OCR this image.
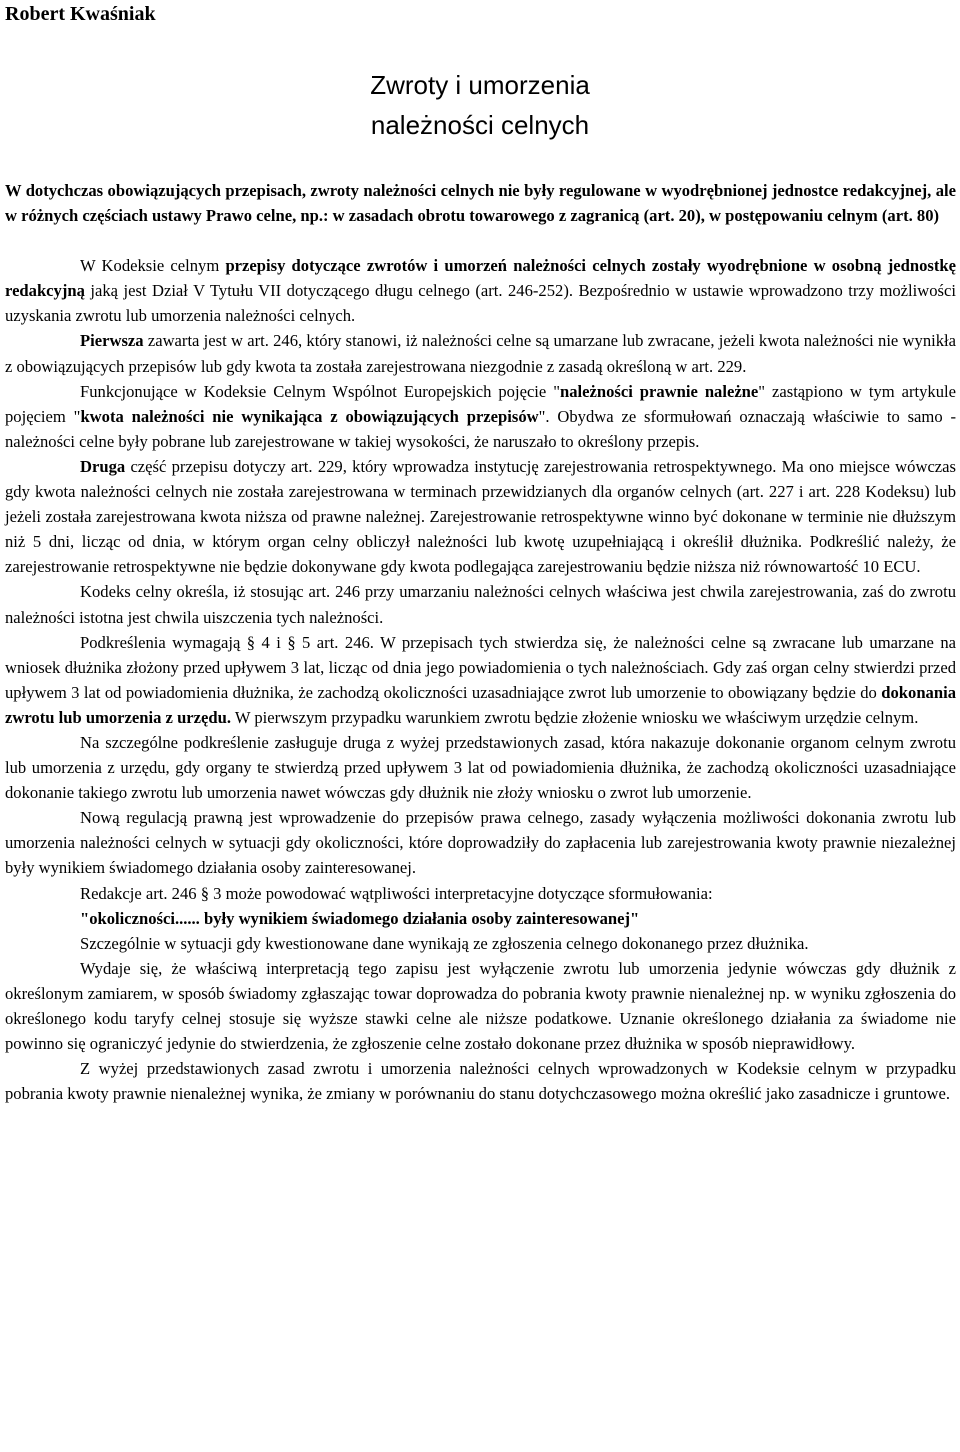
Robert Kwaśniak
Zwroty i umorzenia
należności celnych

W dotychczas obowiązujących przepisach, zwroty należności celnych nie były regulowane w wyodrębnionej jednostce redakcyjnej, ale w różnych częściach ustawy Prawo celne, np.: w zasadach obrotu towarowego z zagranicą (art. 20), w postępowaniu celnym (art. 80)

W Kodeksie celnym przepisy dotyczące zwrotów i umorzeń należności celnych zostały wyodrębnione w osobną jednostkę redakcyjną jaką jest Dział V Tytułu VII dotyczącego długu celnego (art. 246-252). Bezpośrednio w ustawie wprowadzono trzy możliwości uzyskania zwrotu lub umorzenia należności celnych.

Pierwsza zawarta jest w art. 246, który stanowi, iż należności celne są umarzane lub zwracane, jeżeli kwota należności nie wynikła z obowiązujących przepisów lub gdy kwota ta została zarejestrowana niezgodnie z zasadą określoną w art. 229.

Funkcjonujące w Kodeksie Celnym Wspólnot Europejskich pojęcie "należności prawnie należne" zastąpiono w tym artykule pojęciem "kwota należności nie wynikająca z obowiązujących przepisów". Obydwa ze sformułowań oznaczają właściwie to samo - należności celne były pobrane lub zarejestrowane w takiej wysokości, że naruszało to określony przepis.

Druga część przepisu dotyczy art. 229, który wprowadza instytucję zarejestrowania retrospektywnego. Ma ono miejsce wówczas gdy kwota należności celnych nie została zarejestrowana w terminach przewidzianych dla organów celnych (art. 227 i art. 228 Kodeksu) lub jeżeli została zarejestrowana kwota niższa od prawne należnej. Zarejestrowanie retrospektywne winno być dokonane w terminie nie dłuższym niż 5 dni, licząc od dnia, w którym organ celny obliczył należności lub kwotę uzupełniającą i określił dłużnika. Podkreślić należy, że zarejestrowanie retrospektywne nie będzie dokonywane gdy kwota podlegająca zarejestrowaniu będzie niższa niż równowartość 10 ECU.

Kodeks celny określa, iż stosując art. 246 przy umarzaniu należności celnych właściwa jest chwila zarejestrowania, zaś do zwrotu należności istotna jest chwila uiszczenia tych należności.

Podkreślenia wymagają § 4 i § 5 art. 246. W przepisach tych stwierdza się, że należności celne są zwracane lub umarzane na wniosek dłużnika złożony przed upływem 3 lat, licząc od dnia jego powiadomienia o tych należnościach. Gdy zaś organ celny stwierdzi przed upływem 3 lat od powiadomienia dłużnika, że zachodzą okoliczności uzasadniające zwrot lub umorzenie to obowiązany będzie do dokonania zwrotu lub umorzenia z urzędu. W pierwszym przypadku warunkiem zwrotu będzie złożenie wniosku we właściwym urzędzie celnym.

Na szczególne podkreślenie zasługuje druga z wyżej przedstawionych zasad, która nakazuje dokonanie organom celnym zwrotu lub umorzenia z urzędu, gdy organy te stwierdzą przed upływem 3 lat od powiadomienia dłużnika, że zachodzą okoliczności uzasadniające dokonanie takiego zwrotu lub umorzenia nawet wówczas gdy dłużnik nie złoży wniosku o zwrot lub umorzenie.

Nową regulacją prawną jest wprowadzenie do przepisów prawa celnego, zasady wyłączenia możliwości dokonania zwrotu lub umorzenia należności celnych w sytuacji gdy okoliczności, które doprowadziły do zapłacenia lub zarejestrowania kwoty prawnie niezależnej były wynikiem świadomego działania osoby zainteresowanej.

Redakcje art. 246 § 3 może powodować wątpliwości interpretacyjne dotyczące sformułowania:

"okoliczności...... były wynikiem świadomego działania osoby zainteresowanej"

Szczególnie w sytuacji gdy kwestionowane dane wynikają ze zgłoszenia celnego dokonanego przez dłużnika.

Wydaje się, że właściwą interpretacją tego zapisu jest wyłączenie zwrotu lub umorzenia jedynie wówczas gdy dłużnik z określonym zamiarem, w sposób świadomy zgłaszając towar doprowadza do pobrania kwoty prawnie nienależnej np. w wyniku zgłoszenia do określonego kodu taryfy celnej stosuje się wyższe stawki celne ale niższe podatkowe. Uznanie określonego działania za świadome nie powinno się ograniczyć jedynie do stwierdzenia, że zgłoszenie celne zostało dokonane przez dłużnika w sposób nieprawidłowy.

Z wyżej przedstawionych zasad zwrotu i umorzenia należności celnych wprowadzonych w Kodeksie celnym w przypadku pobrania kwoty prawnie nienależnej wynika, że zmiany w porównaniu do stanu dotychczasowego można określić jako zasadnicze i gruntowe.
